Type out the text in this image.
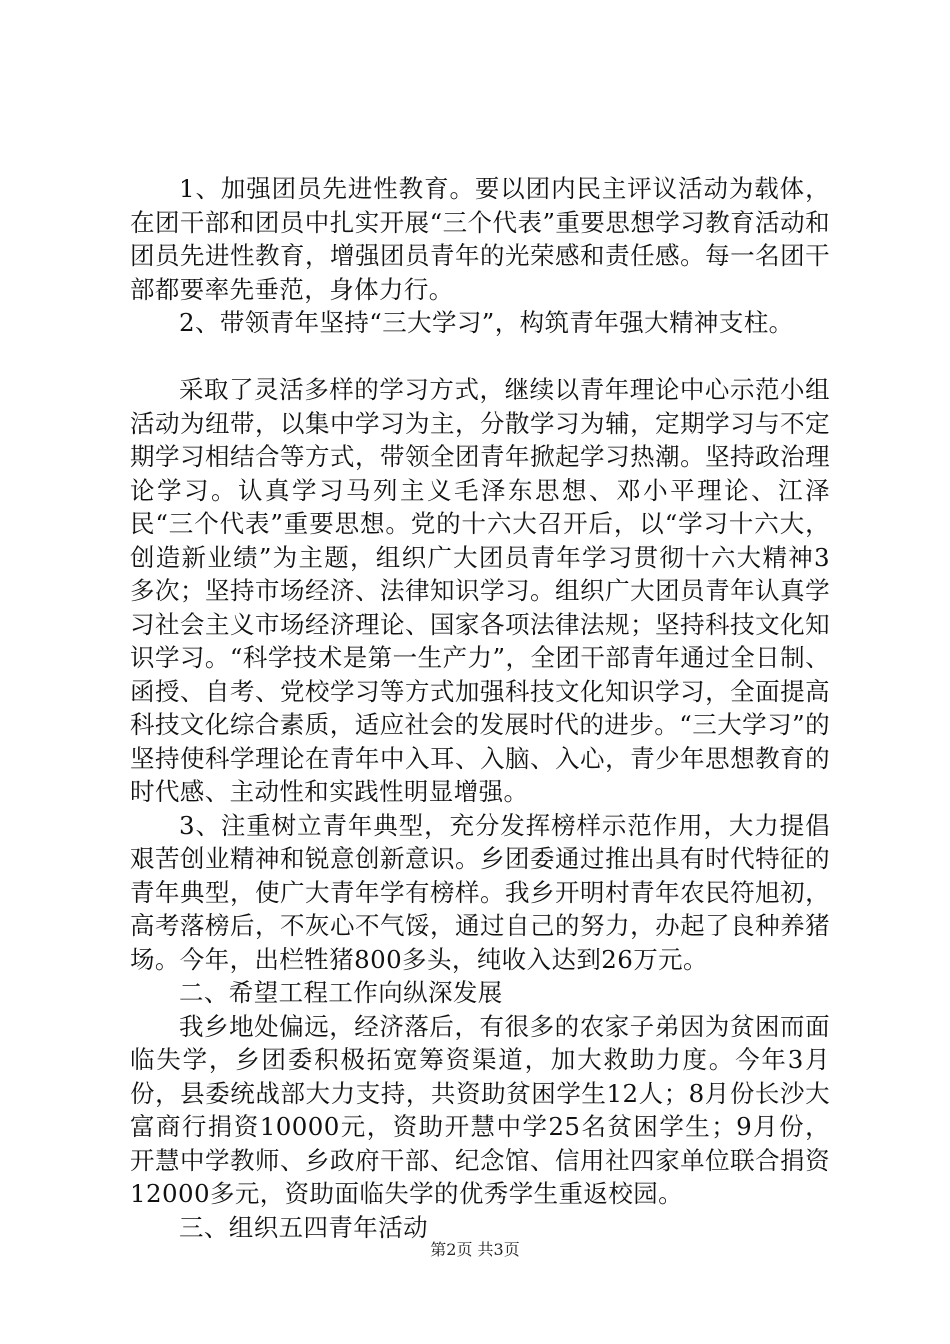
1、加强团员先进性教育。要以团内民主评议活动为载体，在团干部和团员中扎实开展“三个代表”重要思想学习教育活动和团员先进性教育，增强团员青年的光荣感和责任感。每一名团干部都要率先垂范，身体力行。

2、带领青年坚持“三大学习”，构筑青年强大精神支柱。

采取了灵活多样的学习方式，继续以青年理论中心示范小组活动为纽带，以集中学习为主，分散学习为辅，定期学习与不定期学习相结合等方式，带领全团青年掀起学习热潮。坚持政治理论学习。认真学习马列主义毛泽东思想、邓小平理论、江泽民“三个代表”重要思想。党的十六大召开后，以“学习十六大，创造新业绩”为主题，组织广大团员青年学习贯彻十六大精神3多次；坚持市场经济、法律知识学习。组织广大团员青年认真学习社会主义市场经济理论、国家各项法律法规；坚持科技文化知识学习。“科学技术是第一生产力”，全团干部青年通过全日制、函授、自考、党校学习等方式加强科技文化知识学习，全面提高科技文化综合素质，适应社会的发展时代的进步。“三大学习”的坚持使科学理论在青年中入耳、入脑、入心，青少年思想教育的时代感、主动性和实践性明显增强。

3、注重树立青年典型，充分发挥榜样示范作用，大力提倡艰苦创业精神和锐意创新意识。乡团委通过推出具有时代特征的青年典型，使广大青年学有榜样。我乡开明村青年农民符旭初，高考落榜后，不灰心不气馁，通过自己的努力，办起了良种养猪场。今年，出栏牲猪800多头，纯收入达到26万元。

二、希望工程工作向纵深发展

我乡地处偏远，经济落后，有很多的农家子弟因为贫困而面临失学，乡团委积极拓宽筹资渠道，加大救助力度。今年3月份，县委统战部大力支持，共资助贫困学生12人；8月份长沙大富商行捐资10000元，资助开慧中学25名贫困学生；9月份，开慧中学教师、乡政府干部、纪念馆、信用社四家单位联合捐资12000多元，资助面临失学的优秀学生重返校园。

三、组织五四青年活动

第2页 共3页
